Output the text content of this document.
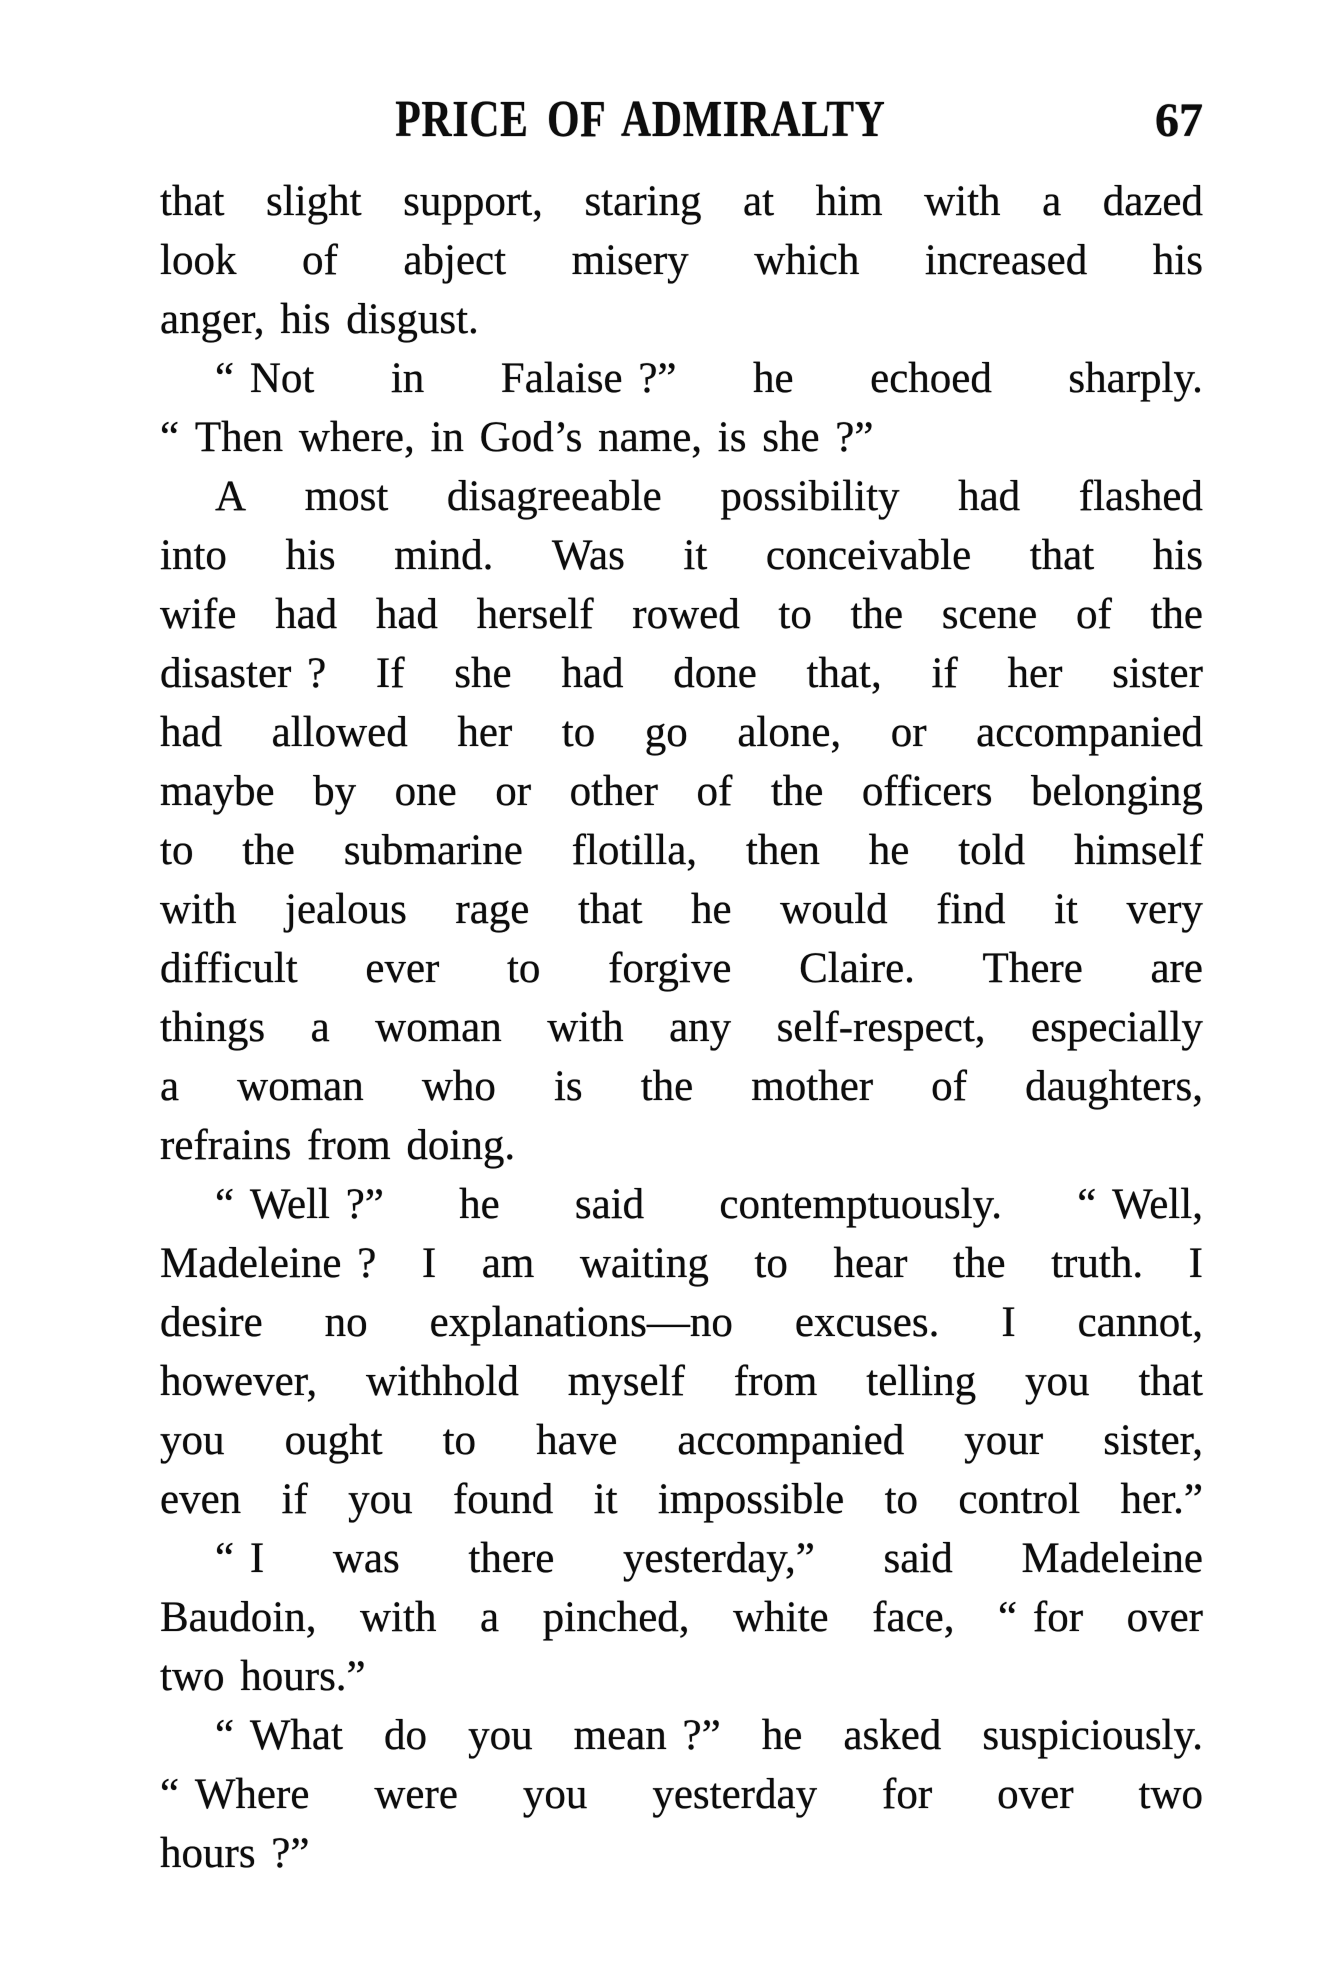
PRICE OF ADMIRALTY	67
that slight support, staring at him with a dazed
look of abject misery which increased his
anger, his disgust.
“ Not in Falaise ?” he echoed sharply.
“ Then where, in God’s name, is she ?”
A most disagreeable possibility had flashed
into his mind. Was it conceivable that his
wife had had herself rowed to the scene of the
disaster ? If she had done that, if her sister
had allowed her to go alone, or accompanied
maybe by one or other of the officers belonging
to the submarine flotilla, then he told himself
with jealous rage that he would find it very
difficult ever to forgive Claire. There are
things a woman with any self-respect, especially
a woman who is the mother of daughters,
refrains from doing.
“ Well ?” he said contemptuously. “ Well,
Madeleine ? I am waiting to hear the truth. I
desire no explanations—no excuses. I cannot,
however, withhold myself from telling you that
you ought to have accompanied your sister,
even if you found it impossible to control her.”
“ I was there yesterday,” said Madeleine
Baudoin, with a pinched, white face, “ for over
two hours.”
“ What do you mean ?” he asked suspiciously.
“ Where were you yesterday for over two
hours ?”
